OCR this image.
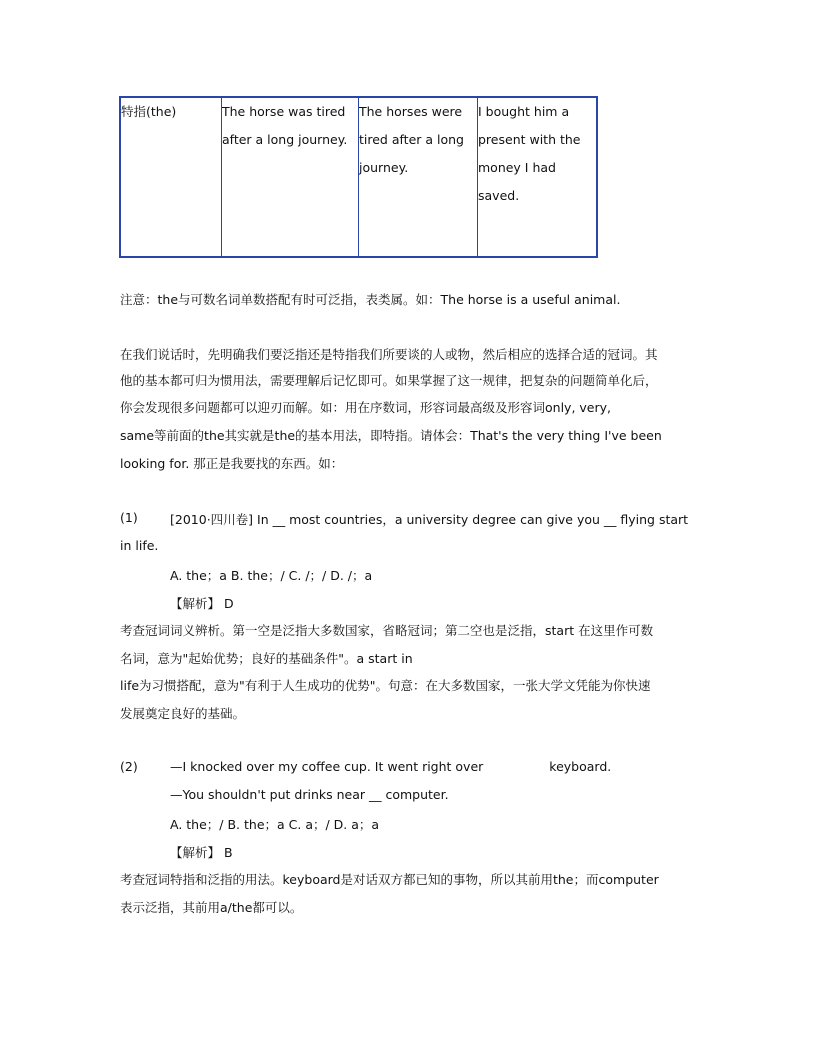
特指(the)	The horse was tired after a long journey.	The horses were tired after a long journey.	I bought him a present with the money I had saved.
注意：the与可数名词单数搭配有时可泛指，表类属。如：The horse is a useful animal.
在我们说话时，先明确我们要泛指还是特指我们所要谈的人或物，然后相应的选择合适的冠词。其
他的基本都可归为惯用法，需要理解后记忆即可。如果掌握了这一规律，把复杂的问题简单化后，
你会发现很多问题都可以迎刃而解。如：用在序数词，形容词最高级及形容词only, very,
same等前面的the其实就是the的基本用法，即特指。请体会：That's the very thing I've been
looking for. 那正是我要找的东西。如：
(1)	[2010·四川卷] In __ most countries，a university degree can give you __ flying start
in life.
A. the；a B. the；/ C. /；/ D. /；a
【解析】 D
考查冠词词义辨析。第一空是泛指大多数国家，省略冠词；第二空也是泛指，start 在这里作可数
名词，意为"起始优势；良好的基础条件"。a start in
life为习惯搭配，意为"有利于人生成功的优势"。句意：在大多数国家，一张大学文凭能为你快速
发展奠定良好的基础。
(2)	—I knocked over my coffee cup. It went right over	keyboard.
—You shouldn't put drinks near __ computer.
A. the；/ B. the；a C. a；/ D. a；a
【解析】 B
考查冠词特指和泛指的用法。keyboard是对话双方都已知的事物，所以其前用the；而computer
表示泛指，其前用a/the都可以。
